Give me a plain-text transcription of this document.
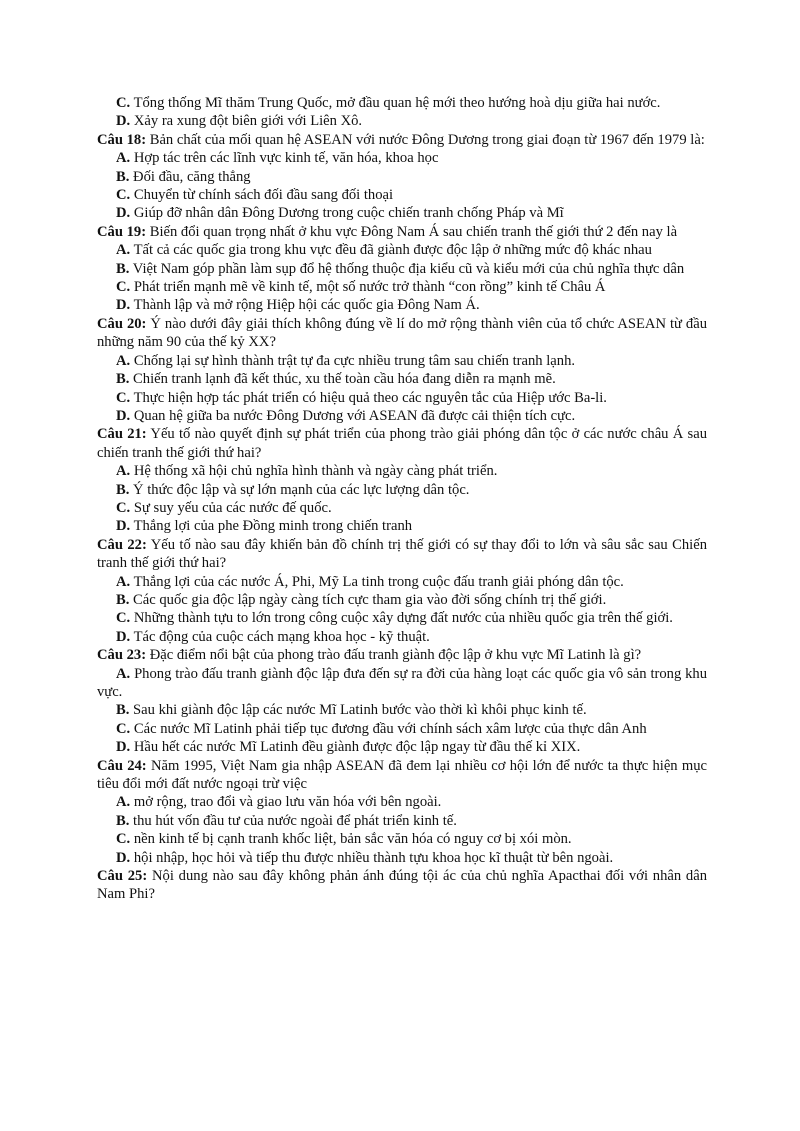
C. Tổng thống Mĩ thăm Trung Quốc, mở đầu quan hệ mới theo hướng hoà dịu giữa hai nước.

D. Xảy ra xung đột biên giới với Liên Xô.

Câu 18: Bản chất của mối quan hệ ASEAN với nước Đông Dương trong giai đoạn từ 1967 đến 1979 là:

A. Hợp tác trên các lĩnh vực kinh tế, văn hóa, khoa học

B. Đối đầu, căng thẳng

C. Chuyển từ chính sách đối đầu sang đối thoại

D. Giúp đỡ nhân dân Đông Dương trong cuộc chiến tranh chống Pháp và Mĩ

Câu 19: Biến đổi quan trọng nhất ở khu vực Đông Nam Á sau chiến tranh thế giới thứ 2 đến nay là

A. Tất cả các quốc gia trong khu vực đều đã giành được độc lập ở những mức độ khác nhau

B. Việt Nam góp phần làm sụp đổ hệ thống thuộc địa kiểu cũ và kiểu mới của chủ nghĩa thực dân

C. Phát triển mạnh mẽ về kinh tế, một số nước trở thành “con rồng” kinh tế Châu Á

D. Thành lập và mở rộng Hiệp hội các quốc gia Đông Nam Á.

Câu 20: Ý nào dưới đây giải thích không đúng về lí do mở rộng thành viên của tổ chức ASEAN từ đầu những năm 90 của thế kỷ XX?

A. Chống lại sự hình thành trật tự đa cực nhiều trung tâm sau chiến tranh lạnh.

B. Chiến tranh lạnh đã kết thúc, xu thế toàn cầu hóa đang diễn ra mạnh mẽ.

C. Thực hiện hợp tác phát triển có hiệu quả theo các nguyên tắc của Hiệp ước Ba-li.

D. Quan hệ giữa ba nước Đông Dương với ASEAN đã được cải thiện tích cực.

Câu 21: Yếu tố nào quyết định sự phát triển của phong trào giải phóng dân tộc ở các nước châu Á sau chiến tranh thế giới thứ hai?

A. Hệ thống xã hội chủ nghĩa hình thành và ngày càng phát triển.

B. Ý thức độc lập và sự lớn mạnh của các lực lượng dân tộc.

C. Sự suy yếu của các nước đế quốc.

D. Thắng lợi của phe Đồng minh trong chiến tranh

Câu 22: Yếu tố nào sau đây khiến bản đồ chính trị thế giới có sự thay đổi to lớn và sâu sắc sau Chiến tranh thế giới thứ hai?

A. Thắng lợi của các nước Á, Phi, Mỹ La tinh trong cuộc đấu tranh giải phóng dân tộc.

B. Các quốc gia độc lập ngày càng tích cực tham gia vào đời sống chính trị thế giới.

C. Những thành tựu to lớn trong công cuộc xây dựng đất nước của nhiều quốc gia trên thế giới.

D. Tác động của cuộc cách mạng khoa học - kỹ thuật.

Câu 23: Đặc điểm nổi bật của phong trào đấu tranh giành độc lập ở khu vực Mĩ Latinh là gì?

A. Phong trào đấu tranh giành độc lập đưa đến sự ra đời của hàng loạt các quốc gia vô sản trong khu vực.

B. Sau khi giành độc lập các nước Mĩ Latinh bước vào thời kì khôi phục kinh tế.

C. Các nước Mĩ Latinh phải tiếp tục đương đầu với chính sách xâm lược của thực dân Anh

D. Hầu hết các nước Mĩ Latinh đều giành được độc lập ngay từ đầu thế kỉ XIX.

Câu 24: Năm 1995, Việt Nam gia nhập ASEAN đã đem lại nhiều cơ hội lớn để nước ta thực hiện mục tiêu đổi mới đất nước ngoại trừ việc

A. mở rộng, trao đổi và giao lưu văn hóa với bên ngoài.

B. thu hút vốn đầu tư của nước ngoài để phát triển kinh tế.

C. nền kinh tế bị cạnh tranh khốc liệt, bản sắc văn hóa có nguy cơ bị xói mòn.

D. hội nhập, học hỏi và tiếp thu được nhiều thành tựu khoa học kĩ thuật từ bên ngoài.

Câu 25: Nội dung nào sau đây không phản ánh đúng tội ác của chủ nghĩa Apacthai đối với nhân dân Nam Phi?
